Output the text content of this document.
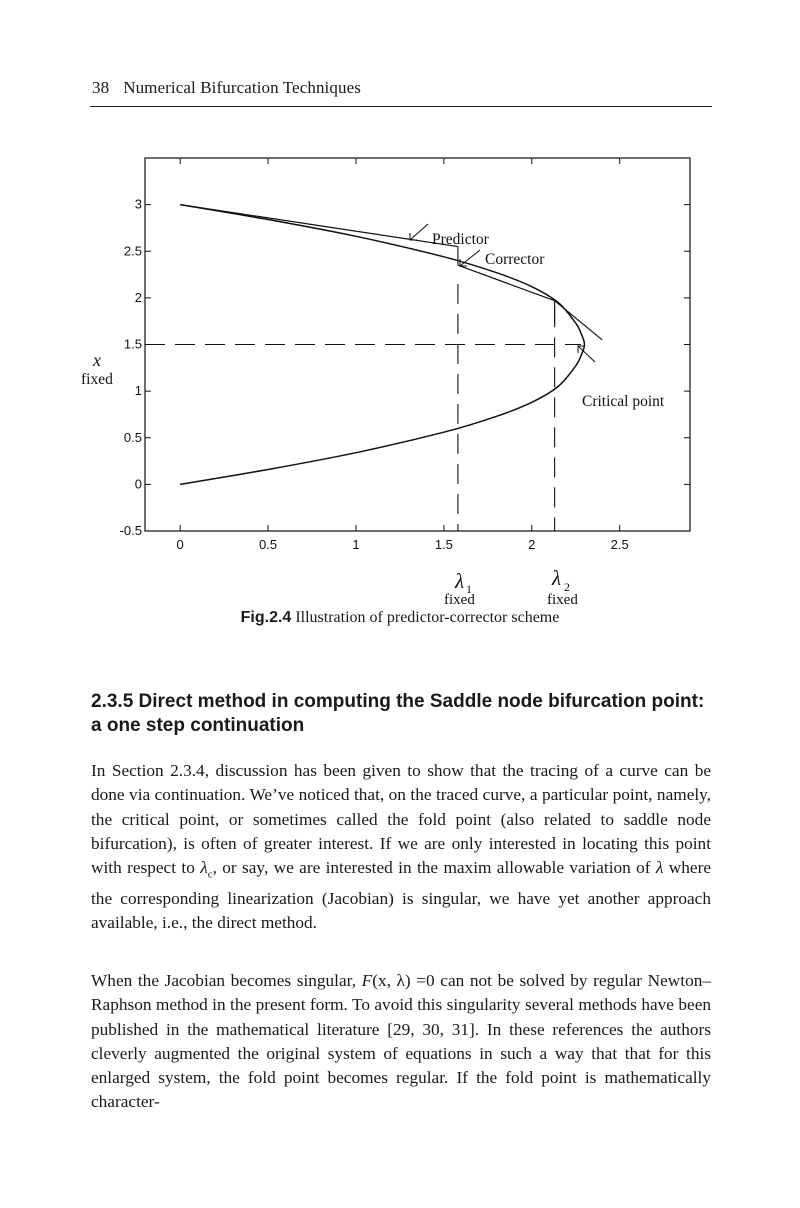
38 Numerical Bifurcation Techniques
0	0.5	1	1.5	2	2.5
-0.5
0
0.5
1
1.5
2
2.5
3
Predictor
Corrector
Critical point
x
fixed
λ 1
fixed
λ 2
fixed
Fig.2.4 Illustration of predictor-corrector scheme
2.3.5 Direct method in computing the Saddle node bifurcation point: a one step continuation

In Section 2.3.4, discussion has been given to show that the tracing of a curve can be done via continuation. We’ve noticed that, on the traced curve, a particular point, namely, the critical point, or sometimes called the fold point (also related to saddle node bifurcation), is often of greater interest. If we are only interested in locating this point with respect to $\lambda_c$, or say, we are interested in the maxim allowable variation of λ where the corresponding linearization (Jacobian) is singular, we have yet another approach available, i.e., the direct method.

When the Jacobian becomes singular, F(x, λ) =0 can not be solved by regular Newton–Raphson method in the present form. To avoid this singularity several methods have been published in the mathematical literature [29, 30, 31]. In these references the authors cleverly augmented the original system of equations in such a way that that for this enlarged system, the fold point becomes regular. If the fold point is mathematically character-
